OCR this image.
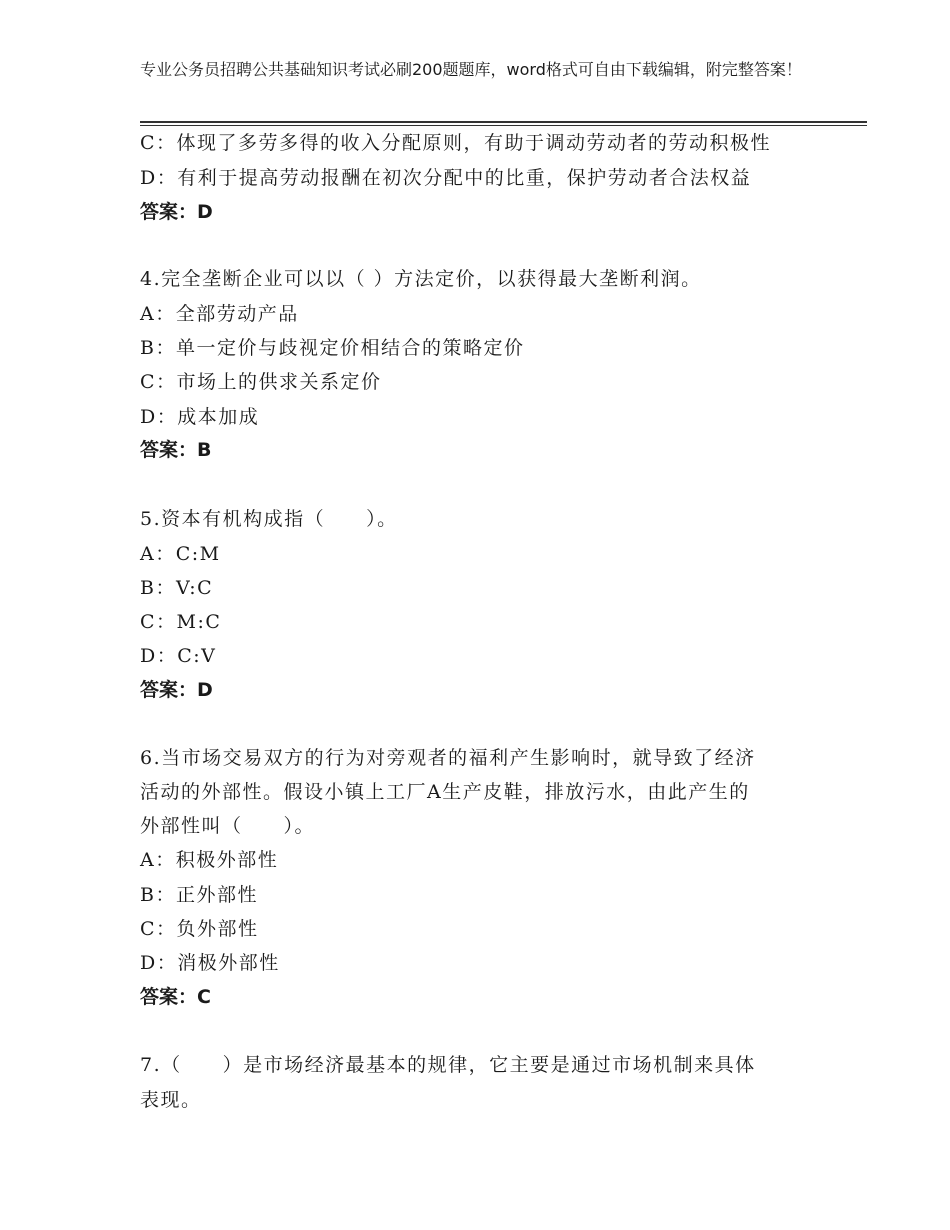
专业公务员招聘公共基础知识考试必刷200题题库，word格式可自由下载编辑，附完整答案！
C：体现了多劳多得的收入分配原则，有助于调动劳动者的劳动积极性
D：有利于提高劳动报酬在初次分配中的比重，保护劳动者合法权益
答案：D
4.完全垄断企业可以以（ ）方法定价，以获得最大垄断利润。
A：全部劳动产品
B：单一定价与歧视定价相结合的策略定价
C：市场上的供求关系定价
D：成本加成
答案：B
5.资本有机构成指（　　）。
A：C:M
B：V:C
C：M:C
D：C:V
答案：D
6.当市场交易双方的行为对旁观者的福利产生影响时，就导致了经济
活动的外部性。假设小镇上工厂A生产皮鞋，排放污水，由此产生的
外部性叫（　　）。
A：积极外部性
B：正外部性
C：负外部性
D：消极外部性
答案：C
7.（　　）是市场经济最基本的规律，它主要是通过市场机制来具体
表现。
